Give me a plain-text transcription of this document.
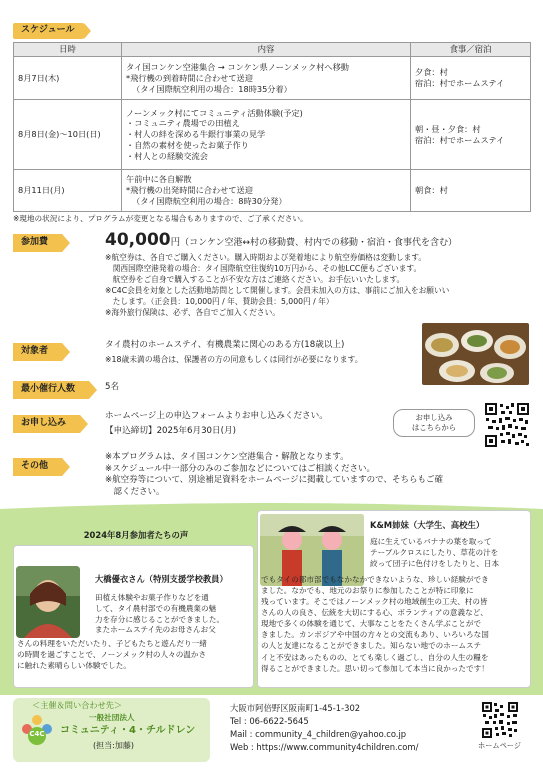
スケジュール
日時	内容	食事／宿泊
8月7日(木)	タイ国コンケン空港集合 → コンケン県ノーンメック村へ移動
*飛行機の到着時間に合わせて送迎
（タイ国際航空利用の場合：18時35分着）	夕食：村
宿泊：村でホームステイ

8月8日(金)～10日(日)	ノーンメック村にてコミュニティ活動体験(予定)
・コミュニティ農場での田植え
・村人の絆を深める牛銀行事業の見学
・自然の素材を使ったお菓子作り
・村人との経験交流会	朝・昼・夕食：村
宿泊：村でホームステイ

8月11日(月)	午前中に各自解散
*飛行機の出発時間に合わせて送迎
（タイ国際航空利用の場合：8時30分発）	朝食：村
※現地の状況により、プログラムが変更となる場合もありますので、ご了承ください。
参加費	40,000円（コンケン空港↔村の移動費、村内での移動・宿泊・食事代を含む）
※航空券は、各自でご購入ください。購入時期および発着地により航空券価格は変動します。
　関西国際空港発着の場合：タイ国際航空往復約10万円から、その他LCC便もございます。
　航空券をご自身で購入することが不安な方はご連絡ください。お手伝いいたします。
※C4C会員を対象とした活動地訪問として開催します。会員未加入の方は、事前にご加入をお願いい
　たします。（正会員：10,000円 / 年、賛助会員：5,000円 / 年）
※海外旅行保険は、必ず、各自でご加入ください。
対象者
タイ農村のホームステイ、有機農業に関心のある方(18歳以上)
※18歳未満の場合は、保護者の方の同意もしくは同行が必要になります。
最小催行人数	5名
お申し込み
ホームページ上の申込フォームよりお申し込みください。
【申込締切】2025年6月30日(月)
お申し込み
はこちらから
その他
※本プログラムは、タイ国コンケン空港集合・解散となります。
※スケジュール中一部分のみのご参加などについてはご相談ください。
※航空券等について、別途補足資料をホームページに掲載していますので、そちらもご確
　認ください。
2024年8月参加者たちの声
大橋優衣さん（特別支援学校教員）
田植え体験やお菓子作りなどを通
して、タイ農村部での有機農業の魅
力を存分に感じることができました。
またホームステイ先のお母さんお父
さんの料理をいただいたり、子どもたちと遊んだり一緒
の時間を過ごすことで、ノーンメック村の人々の温かさ
に触れた素晴らしい体験でした。
K&M姉妹（大学生、高校生）
庭に生えているバナナの葉を取って
テーブルクロスにしたり、草花の汁を
絞って団子に色付けをしたりと、日本
でもタイの都市部でもなかなかできないような、珍しい経験ができ
ました。なかでも、地元のお祭りに参加したことが特に印象に
残っています。そこではノーンメック村の地域創生の工夫、村の皆
さんの人の良さ、伝統を大切にする心、ボランティアの意義など、
現地で多くの体験を通じて、大事なことをたくさん学ぶことがで
きました。カンボジアや中国の方々との交流もあり、いろいろな国
の人と友達になることができました。知らない地でのホームステ
イと不安はあったものの、とても楽しく過ごし、自分の人生の糧を
得ることができました。思い切って参加して本当に良かったです！
＜主催＆問い合わせ先＞
C4C
一般社団法人
コミュニティ・4・チルドレン
(担当:加藤)
大阪市阿倍野区阪南町1-45-1-302
Tel : 06-6622-5645
Mail : community_4_children@yahoo.co.jp
Web : https://www.community4children.com/	ホームページ
